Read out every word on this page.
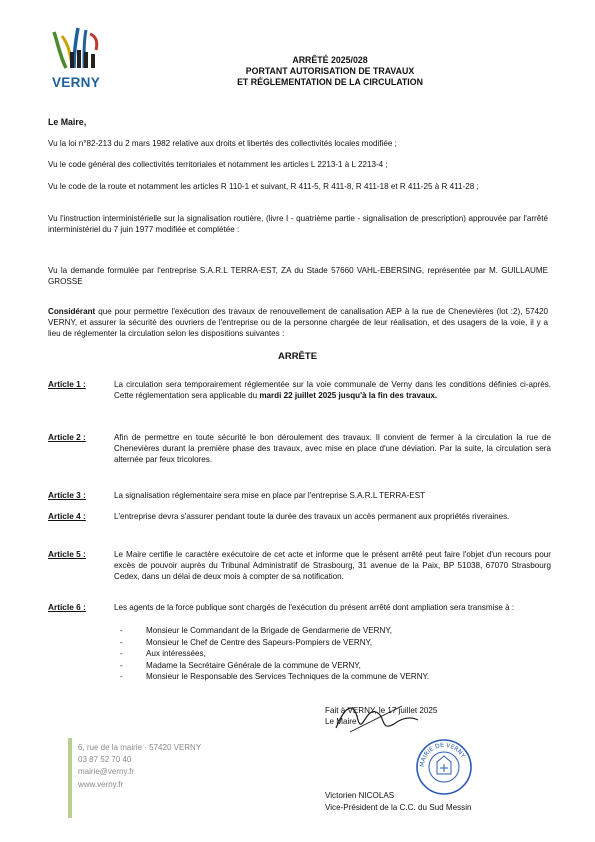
VERNY
ARRÊTÉ 2025/028
PORTANT AUTORISATION DE TRAVAUX
ET RÉGLEMENTATION DE LA CIRCULATION
Le Maire,
Vu la loi n°82-213 du 2 mars 1982 relative aux droits et libertés des collectivités locales modifiée ;
Vu le code général des collectivités territoriales et notamment les articles L 2213-1 à L 2213-4 ;
Vu le code de la route et notamment les articles R 110-1 et suivant, R 411-5, R 411-8, R 411-18 et R 411-25 à R 411-28 ;
Vu l'instruction interministérielle sur la signalisation routière, (livre I - quatrième partie - signalisation de prescription) approuvée par l'arrêté interministériel du 7 juin 1977 modifiée et complétée :
Vu la demande formulée par l'entreprise S.A.R.L TERRA-EST, ZA du Stade 57660 VAHL-EBERSING, représentée par M. GUILLAUME GROSSE
Considérant que pour permettre l'exécution des travaux de renouvellement de canalisation AEP à la rue de Chenevières (lot :2), 57420 VERNY, et assurer la sécurité des ouvriers de l'entreprise ou de la personne chargée de leur réalisation, et des usagers de la voie, il y a lieu de réglementer la circulation selon les dispositions suivantes :
ARRÊTE
Article 1 :	La circulation sera temporairement réglementée sur la voie communale de Verny dans les conditions définies ci-après. Cette réglementation sera applicable du mardi 22 juillet 2025 jusqu'à la fin des travaux.
Article 2 :	Afin de permettre en toute sécurité le bon déroulement des travaux. Il convient de fermer à la circulation la rue de Chenevières durant la première phase des travaux, avec mise en place d'une déviation. Par la suite, la circulation sera alternée par feux tricolores.
Article 3 :	La signalisation réglementaire sera mise en place par l'entreprise S.A.R.L TERRA-EST
Article 4 :	L'entreprise devra s'assurer pendant toute la durée des travaux un accès permanent aux propriétés riveraines.
Article 5 :	Le Maire certifie le caractère exécutoire de cet acte et informe que le présent arrêté peut faire l'objet d'un recours pour excès de pouvoir auprès du Tribunal Administratif de Strasbourg, 31 avenue de la Paix, BP 51038, 67070 Strasbourg Cedex, dans un délai de deux mois à compter de sa notification.
Article 6 :	Les agents de la force publique sont chargés de l'exécution du présent arrêté dont ampliation sera transmise à :
-	Monsieur le Commandant de la Brigade de Gendarmerie de VERNY,
-	Monsieur le Chef de Centre des Sapeurs-Pompiers de VERNY,
-	Aux intéressées,
-	Madame la Secrétaire Générale de la commune de VERNY,
-	Monsieur le Responsable des Services Techniques de la commune de VERNY.
Fait à VERNY, le 17 juillet 2025
Le Maire
MAIRIE DE VERNY
Victorien NICOLAS
Vice-Président de la C.C. du Sud Messin
6, rue de la mairie · 57420 VERNY
03 87 52 70 40
mairie@verny.fr
www.verny.fr
